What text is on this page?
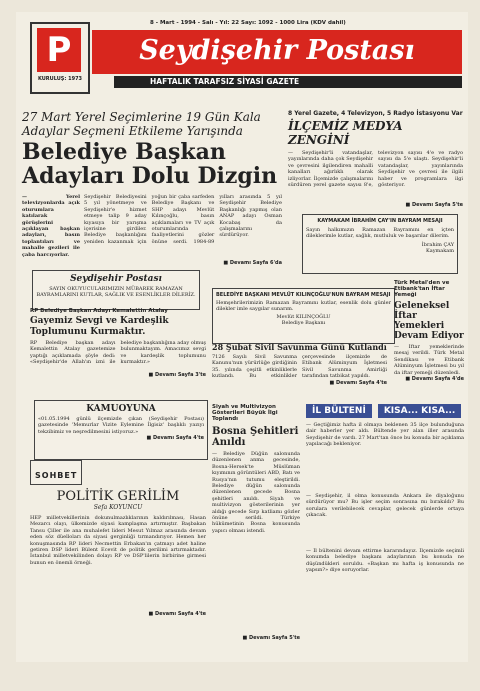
P
KURULUŞ: 1973
8 - Mart - 1994 - Salı - Yıl: 22 Sayı: 1092 - 1000 Lira (KDV dahil)
Seydişehir Postası
HAFTALIK TARAFSIZ SİYASİ GAZETE
27 Mart Yerel Seçimlerine 19 Gün Kala Adaylar Seçmeni Etkileme Yarışında
Belediye Başkan Adayları Dolu Dizgin
— Yerel televizyonlarda açık oturumlara katılarak görüşlerini açıklayan başkan adayları, basın toplantıları ve mahalle gezileri ile çaba harcıyorlar.
Seydişehir Belediyesini 5 yıl yönetmeye ve Seydişehir'e hizmet etmeye talip 9 aday kıyasıya bir yarışma içerisine girdiler. Belediye başkanlığını yeniden kazanmak için yoğun bir çaba sarfeden Belediye Başkanı ve SHP adayı Mevlüt Kılınçoğlu, basın açıklamaları ve TV açık oturumlarında faaliyetlerini gözler önüne serdi. 1984-89 yılları arasında 5 yıl Seydişehir Belediye Başkanlığı yapmış olan ANAP adayı Osman Kocabaş da çalışmalarını sürdürüyor.
■ Devamı Sayfa 6'da
8 Yerel Gazete, 4 Televizyon, 5 Radyo İstasyonu Var
İLÇEMİZ MEDYA ZENGİNİ
— Seydişehir'li vatandaşlar, yayınlarında daha çok Seydişehir ve çevresini ilgilendiren mahalli kanalları ağırlıklı olarak izliyorlar. İlçemizde çalışmalarını sürdüren yerel gazete sayısı 8'e, televizyon sayısı 4'e ve radyo sayısı da 5'e ulaştı. Seydişehir'li vatandaşlar, yayınlarında Seydişehir ve çevresi ile ilgili haber ve programlara ilgi gösteriyor.
■ Devamı Sayfa 5'te
KAYMAKAM İBRAHİM ÇAY'IN BAYRAM MESAJI
Sayın halkımızın Ramazan Bayramını en içten dileklerimle kutlar, sağlık, mutluluk ve başarılar dilerim.
İbrahim ÇAY
Kaymakam
Seydişehir Postası
SAYIN OKUYUCULARIMIZIN MÜBAREK RAMAZAN BAYRAMLARINI KUTLAR, SAĞLIK VE ESENLİKLER DİLERİZ.	BELEDİYE BAŞKANI MEVLÜT KILINÇOĞLU'NUN BAYRAM MESAJI
Hemşehrilerimizin Ramazan Bayramını kutlar, esenlik dolu günler dilekler imle saygılar sunarım.
Mevlüt KILINÇOĞLU
Belediye Başkanı
Türk Metal'den ve Etibank'tan İftar Yemeği
Geleneksel İftar Yemekleri Devam Ediyor
— İftar yemeklerinde mesaj verildi. Türk Metal Sendikası ve Etibank Alüminyum İşletmesi bu yıl da iftar yemeği düzenledi.
■ Devamı Sayfa 4'de
RP Belediye Başkan Adayı Kemalettin Atalay
Gayemiz Sevgi ve Kardeşlik Toplumunu Kurmaktır.
RP Belediye başkan adayı Kemalettin Atalay gazetemize yaptığı açıklamada şöyle dedi: «Seydişehir'de Allah'ın izni ile belediye başkanlığına aday olmuş bulunmaktayım. Amacımız sevgi ve kardeşlik toplumunu kurmaktır.»
■ Devamı Sayfa 3'te
28 Şubat Sivil Savunma Günü Kutlandı
7126 Sayılı Sivil Savunma Kanunu'nun yürürlüğe girdiğinin 35. yılında çeşitli etkinliklerle kutlandı. Bu etkinlikler çerçevesinde ilçemizde de Etibank Alüminyum İşletmesi Sivil Savunma Amirliği tarafından tatbikat yapıldı.
■ Devamı Sayfa 4'te
KAMUOYUNA
«01.05.1994 günlü ilçemizde çıkan (Seydişehir Postası) gazetesinde 'Memurlar Vizite Eylemine İlgisiz' başlıklı yazıyı tekzibimiz ve neşredilmesini istiyoruz.»
■ Devamı Sayfa 4'te
Siyah ve Multivizyon Gösterileri Büyük İlgi Toplandı
Bosna Şehitleri Anıldı
— Belediye Düğün salonunda düzenlenen anma gecesinde, Bosna-Hersek'te Müslüman kıyımının görüntüleri ABD, Batı ve Rusya'nın tutumu eleştirildi. Belediye düğün salonunda düzenlenen gecede Bosna şehitleri anıldı. Siyah ve multivizyon gösterilerinin yer aldığı gecede Sırp katliamı gözler önüne serildi. Türkiye hükümetinin Bosna konusunda yapıcı olması istendi.
■ Devamı Sayfa 5'te
İL BÜLTENİ	KISA... KISA...
— Geçtiğimiz hafta il olmaya beklenen 35 ilçe bulunduğuna dair haberler yer aldı. Bültende yer alan iller arasında Seydişehir de vardı. 27 Mart'tan önce bu konuda bir açıklama yapılacağı bekleniyor.
— Seydişehir, il olma konusunda Ankara ile diyaloğunu sürdürüyor mu? Bu işler seçim sonrasına mı bırakıldı? Bu sorulara verilebilecek cevaplar, gelecek günlerde ortaya çıkacak.
— İl bültenini devam ettirme kararındayız. İlçemizde seçimli konumda belediye başkanı adaylarının bu konuda ne düşündükleri soruldu. «Başkan mı hafta iş konusunda ne yapsın?» diye soruyorlar.
SOHBET
POLİTİK GERİLİM
Sefa KOYUNCU
HEP milletvekillerinin dokunulmazlıklarının kaldırılması, Hasan Mezarcı olayı, ülkemizde siyasi kamplaşma artırmıştır. Başbakan Tansu Çiller ile ana muhalefet lideri Mesut Yılmaz arasında devam eden söz düelloları da siyasi gerginliği tırmandırıyor. Hemen her konuşmasında RP lideri Necmettin Erbakan'ın çatmayı adet haline getiren DSP lideri Bülent Ecevit de politik gerilimi artırmaktadır. İstanbul milletvekilinden dolayı RP ve DSP'lilerin birbirine girmesi bunun en önemli örneği.
■ Devamı Sayfa 4'te
